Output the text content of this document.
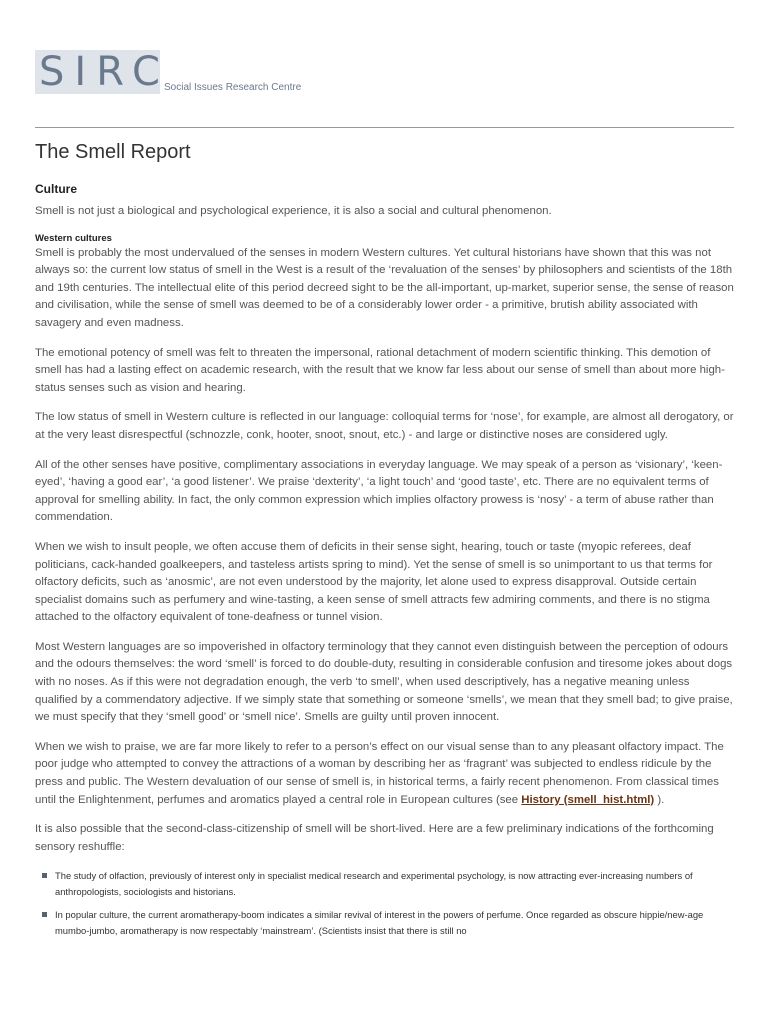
SIRC
Social Issues Research Centre
The Smell Report
Culture

Smell is not just a biological and psychological experience, it is also a social and cultural phenomenon.

Western cultures

Smell is probably the most undervalued of the senses in modern Western cultures. Yet cultural historians have shown that this was not always so: the current low status of smell in the West is a result of the ‘revaluation of the senses’ by philosophers and scientists of the 18th and 19th centuries. The intellectual elite of this period decreed sight to be the all-important, up-market, superior sense, the sense of reason and civilisation, while the sense of smell was deemed to be of a considerably lower order - a primitive, brutish ability associated with savagery and even madness.

The emotional potency of smell was felt to threaten the impersonal, rational detachment of modern scientific thinking. This demotion of smell has had a lasting effect on academic research, with the result that we know far less about our sense of smell than about more high-status senses such as vision and hearing.

The low status of smell in Western culture is reflected in our language: colloquial terms for ‘nose’, for example, are almost all derogatory, or at the very least disrespectful (schnozzle, conk, hooter, snoot, snout, etc.) - and large or distinctive noses are considered ugly.

All of the other senses have positive, complimentary associations in everyday language. We may speak of a person as ‘visionary’, ‘keen-eyed’, ‘having a good ear’, ‘a good listener’. We praise ‘dexterity’, ‘a light touch’ and ‘good taste’, etc. There are no equivalent terms of approval for smelling ability. In fact, the only common expression which implies olfactory prowess is ‘nosy’ - a term of abuse rather than commendation.

When we wish to insult people, we often accuse them of deficits in their sense sight, hearing, touch or taste (myopic referees, deaf politicians, cack-handed goalkeepers, and tasteless artists spring to mind). Yet the sense of smell is so unimportant to us that terms for olfactory deficits, such as ‘anosmic’, are not even understood by the majority, let alone used to express disapproval. Outside certain specialist domains such as perfumery and wine-tasting, a keen sense of smell attracts few admiring comments, and there is no stigma attached to the olfactory equivalent of tone-deafness or tunnel vision.

Most Western languages are so impoverished in olfactory terminology that they cannot even distinguish between the perception of odours and the odours themselves: the word ‘smell’ is forced to do double-duty, resulting in considerable confusion and tiresome jokes about dogs with no noses. As if this were not degradation enough, the verb ‘to smell’, when used descriptively, has a negative meaning unless qualified by a commendatory adjective. If we simply state that something or someone ‘smells’, we mean that they smell bad; to give praise, we must specify that they ‘smell good’ or ‘smell nice’. Smells are guilty until proven innocent.

When we wish to praise, we are far more likely to refer to a person’s effect on our visual sense than to any pleasant olfactory impact. The poor judge who attempted to convey the attractions of a woman by describing her as ‘fragrant’ was subjected to endless ridicule by the press and public. The Western devaluation of our sense of smell is, in historical terms, a fairly recent phenomenon. From classical times until the Enlightenment, perfumes and aromatics played a central role in European cultures (see History (smell_hist.html) ).

It is also possible that the second-class-citizenship of smell will be short-lived. Here are a few preliminary indications of the forthcoming sensory reshuffle:

The study of olfaction, previously of interest only in specialist medical research and experimental psychology, is now attracting ever-increasing numbers of anthropologists, sociologists and historians.
In popular culture, the current aromatherapy-boom indicates a similar revival of interest in the powers of perfume. Once regarded as obscure hippie/new-age mumbo-jumbo, aromatherapy is now respectably ‘mainstream’. (Scientists insist that there is still no
